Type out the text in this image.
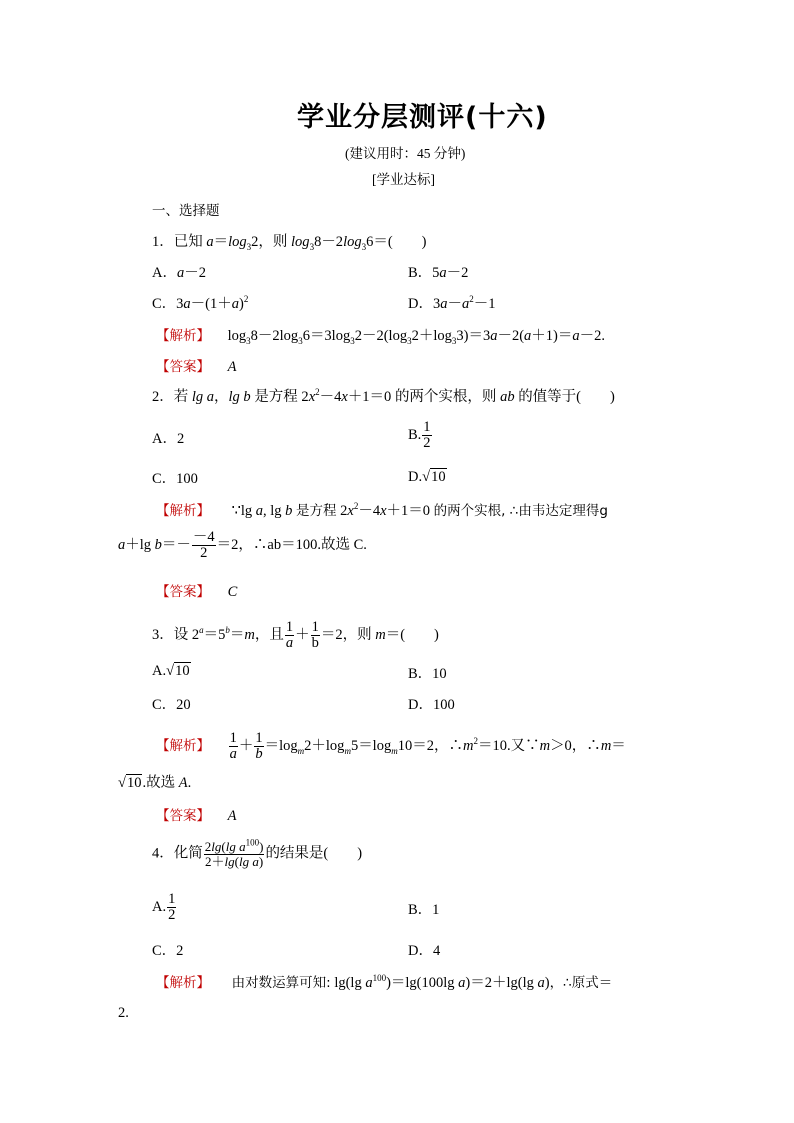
学业分层测评(十六)
(建议用时：45 分钟)
[学业达标]
一、选择题
1．已知 $a=\log_32$，则 $\log_38-2\log_36=$(　　)
A．a－2	B．5a－2
C．$3a-(1+a)^2$	D．$3a-a^2-1$
【解析】 $\log_38-2\log_36=3\log_32-2(\log_32+\log_33)=3a-2(a+1)=a-2$.
【答案】 A
2．若 lg a，lg b 是方程 $2x^2-4x+1=0$ 的两个实根，则 ab 的值等于(　　)
A．2	B. $\frac{1}{2}$
C．100	D.√10
【解析】 ∵lg a, lg b 是方程 $2x^2-4x+1=0$ 的两个实根, ∴由韦达定理得g
a＋lg $b=- \frac{-4}{2} =2$，∴ab＝100.故选 C.
【答案】 C
3．设 $2^a=5^b=m$，且 $\frac{1}{a} + \frac{1}{b} =2$，则 m＝(　　)
A.√10	B．10
C．20	D．100
【解析】 $\frac{1}{a} + \frac{1}{b} =\log_m2+\log_m5=\log_m10=2$，$\therefore m^2=10$.又∵m＞0，∴m＝
√10.故选 A.
【答案】 A
4．化简 $\frac{2\lg(\lg a^{100})}{\text{2＋lg(lg a)}}$ 的结果是(　　)
A. $\frac{1}{2}$	B．1
C．2	D．4
【解析】 由对数运算可知: lg(lg $a^{100})=\lg(100\lg$ a)＝2＋lg(lg a)，∴原式＝
2.
